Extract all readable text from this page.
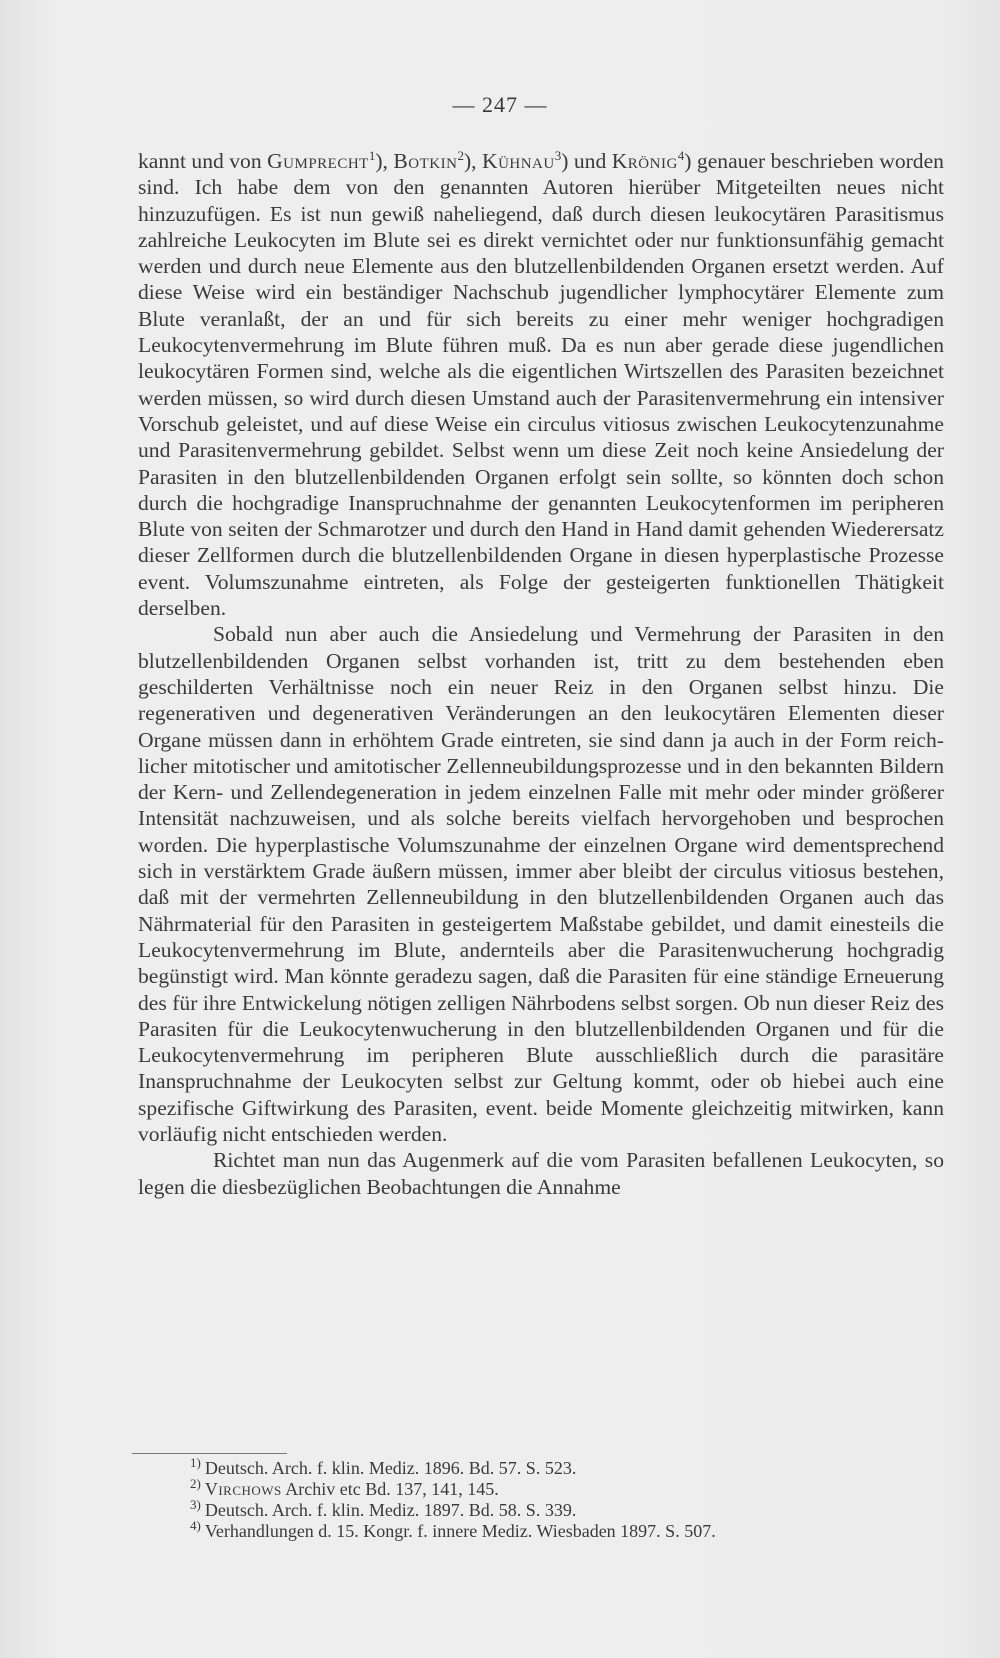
— 247 —

kannt und von Gumprecht$^1$), Botkin$^2$), Kühnau$^3$) und Krönig$^4$) genauer beschrieben worden sind. Ich habe dem von den genannten Autoren hierüber Mitgeteilten neues nicht hinzuzufügen. Es ist nun gewiß naheliegend, daß durch diesen leukocytären Parasitismus zahlreiche Leukocyten im Blute sei es direkt vernichtet oder nur funktionsunfähig gemacht werden und durch neue Elemente aus den blutzellenbildenden Organen ersetzt werden. Auf diese Weise wird ein beständiger Nachschub jugendlicher lymphocytärer Elemente zum Blute veranlaßt, der an und für sich bereits zu einer mehr weniger hochgradigen Leukocytenvermehrung im Blute führen muß. Da es nun aber gerade diese jugendlichen leukocytären Formen sind, welche als die eigentlichen Wirtszellen des Parasiten bezeichnet werden müssen, so wird durch diesen Umstand auch der Parasitenvermehrung ein intensiver Vorschub geleistet, und auf diese Weise ein circulus vitiosus zwischen Leukocytenzunahme und Parasitenvermehrung gebildet. Selbst wenn um diese Zeit noch keine Ansiedelung der Parasiten in den blutzellenbildenden Organen erfolgt sein sollte, so könnten doch schon durch die hochgradige Inanspruchnahme der genannten Leukocytenformen im peripheren Blute von seiten der Schmarotzer und durch den Hand in Hand damit gehenden Wiederersatz dieser Zellformen durch die blutzellenbildenden Organe in diesen hyperplastische Prozesse event. Volumszunahme eintreten, als Folge der gesteigerten funktionellen Thätigkeit derselben.

Sobald nun aber auch die Ansiedelung und Vermehrung der Parasiten in den blutzellenbildenden Organen selbst vorhanden ist, tritt zu dem bestehenden eben geschilderten Verhältnisse noch ein neuer Reiz in den Organen selbst hinzu. Die regenerativen und degenerativen Veränderungen an den leukocytären Elementen dieser Organe müssen dann in erhöhtem Grade eintreten, sie sind dann ja auch in der Form reichlicher mitotischer und amitotischer Zellenneubildungsprozesse und in den bekannten Bildern der Kern- und Zellendegeneration in jedem einzelnen Falle mit mehr oder minder größerer Intensität nachzuweisen, und als solche bereits vielfach hervorgehoben und besprochen worden. Die hyperplastische Volumszunahme der einzelnen Organe wird dementsprechend sich in verstärktem Grade äußern müssen, immer aber bleibt der circulus vitiosus bestehen, daß mit der vermehrten Zellenneubildung in den blutzellenbildenden Organen auch das Nährmaterial für den Parasiten in gesteigertem Maßstabe gebildet, und damit einesteils die Leukocytenvermehrung im Blute, andernteils aber die Parasitenwucherung hochgradig begünstigt wird. Man könnte geradezu sagen, daß die Parasiten für eine ständige Erneuerung des für ihre Entwickelung nötigen zelligen Nährbodens selbst sorgen. Ob nun dieser Reiz des Parasiten für die Leukocytenwucherung in den blutzellenbildenden Organen und für die Leukocytenvermehrung im peripheren Blute ausschließlich durch die parasitäre Inanspruchnahme der Leukocyten selbst zur Geltung kommt, oder ob hiebei auch eine spezifische Giftwirkung des Parasiten, event. beide Momente gleichzeitig mitwirken, kann vorläufig nicht entschieden werden.

Richtet man nun das Augenmerk auf die vom Parasiten befallenen Leukocyten, so legen die diesbezüglichen Beobachtungen die Annahme

$^{1)}$ Deutsch. Arch. f. klin. Mediz. 1896. Bd. 57. S. 523.
$^{2)}$ Virchows Archiv etc Bd. 137, 141, 145.
$^{3)}$ Deutsch. Arch. f. klin. Mediz. 1897. Bd. 58. S. 339.
$^{4)}$ Verhandlungen d. 15. Kongr. f. innere Mediz. Wiesbaden 1897. S. 507.
